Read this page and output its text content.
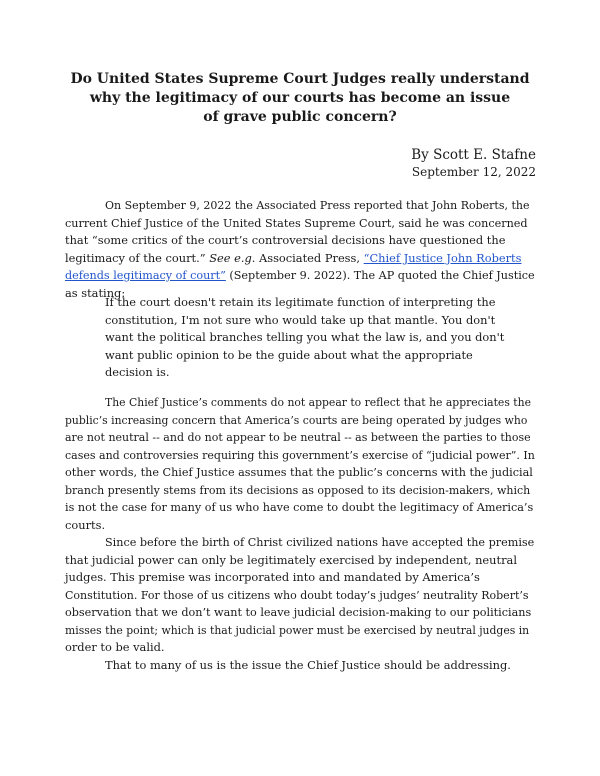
Do United States Supreme Court Judges really understand
why the legitimacy of our courts has become an issue
of grave public concern?
By Scott E. Stafne
September 12, 2022
On September 9, 2022 the Associated Press reported that John Roberts, the
current Chief Justice of the United States Supreme Court, said he was concerned
that “some critics of the court’s controversial decisions have questioned the
legitimacy of the court.” See e.g. Associated Press, “Chief Justice John Roberts
defends legitimacy of court” (September 9. 2022). The AP quoted the Chief Justice
as stating:
If the court doesn't retain its legitimate function of interpreting the
constitution, I'm not sure who would take up that mantle. You don't
want the political branches telling you what the law is, and you don't
want public opinion to be the guide about what the appropriate
decision is.
The Chief Justice’s comments do not appear to reflect that he appreciates the
public’s increasing concern that America’s courts are being operated by judges who
are not neutral -- and do not appear to be neutral -- as between the parties to those
cases and controversies requiring this government’s exercise of “judicial power”. In
other words, the Chief Justice assumes that the public’s concerns with the judicial
branch presently stems from its decisions as opposed to its decision-makers, which
is not the case for many of us who have come to doubt the legitimacy of America’s
courts.
Since before the birth of Christ civilized nations have accepted the premise
that judicial power can only be legitimately exercised by independent, neutral
judges. This premise was incorporated into and mandated by America’s
Constitution. For those of us citizens who doubt today’s judges’ neutrality Robert’s
observation that we don’t want to leave judicial decision-making to our politicians
misses the point; which is that judicial power must be exercised by neutral judges in
order to be valid.
That to many of us is the issue the Chief Justice should be addressing.
